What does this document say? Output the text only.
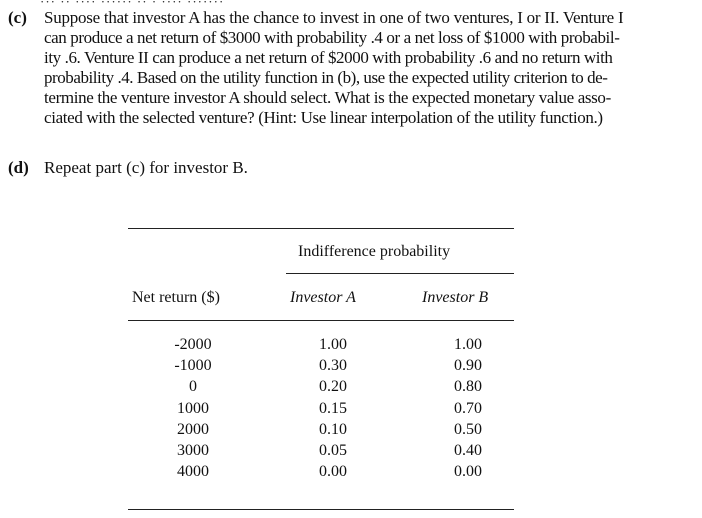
(c) Suppose that investor A has the chance to invest in one of two ventures, I or II. Venture I
can produce a net return of $3000 with probability .4 or a net loss of $1000 with probabil-
ity .6. Venture II can produce a net return of $2000 with probability .6 and no return with
probability .4. Based on the utility function in (b), use the expected utility criterion to de-
termine the venture investor A should select. What is the expected monetary value asso-
ciated with the selected venture? (Hint: Use linear interpolation of the utility function.)
(d) Repeat part (c) for investor B.
Indifference probability
Net return ($)	Investor A	Investor B
-2000
-1000
0
1000
2000
3000
4000
1.00
0.30
0.20
0.15
0.10
0.05
0.00
1.00
0.90
0.80
0.70
0.50
0.40
0.00
